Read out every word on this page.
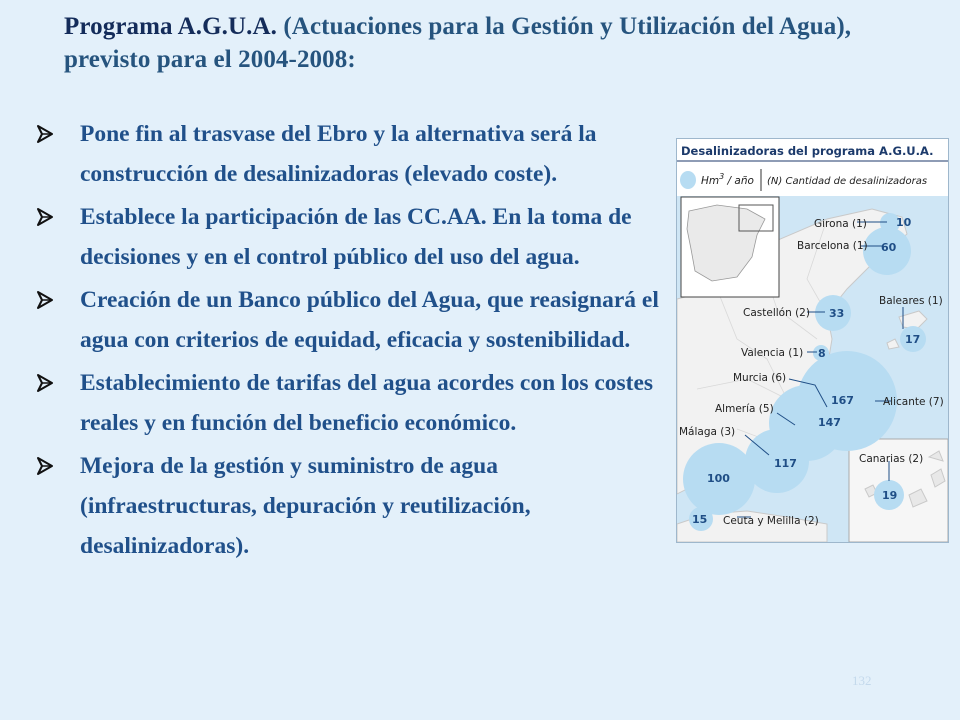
Programa A.G.U.A. (Actuaciones para la Gestión y Utilización del Agua), previsto para el 2004-2008:
Pone fin al trasvase del Ebro y la alternativa será la construcción de desalinizadoras (elevado coste).
Establece la participación de las CC.AA. En la toma de decisiones y en el control público del uso del agua.
Creación de un Banco público del Agua, que reasignará el agua con criterios de equidad, eficacia y sostenibilidad.
Establecimiento de tarifas del agua acordes con los costes reales y en función del beneficio económico.
Mejora de la gestión y suministro de agua (infraestructuras, depuración y reutilización, desalinizadoras).
Desalinizadoras del programa A.G.U.A.
Hm$^3$ / año (N) Cantidad de desalinizadoras
Girona (1)
Barcelona (1)
Castellón (2)
Baleares (1)
Valencia (1)
Murcia (6)
Alicante (7)
Almería (5)
Málaga (3)
Canarias (2)
Ceuta y Melilla (2)
10
60
33
17
8
167
147
117
19
100
15
132
